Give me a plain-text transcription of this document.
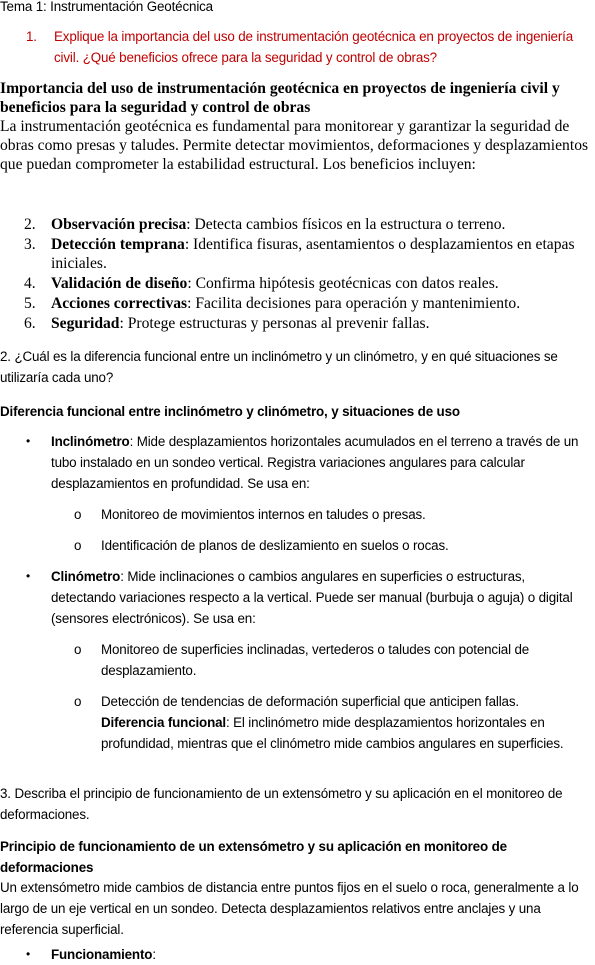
Tema 1: Instrumentación Geotécnica
1.	Explique la importancia del uso de instrumentación geotécnica en proyectos de ingeniería civil. ¿Qué beneficios ofrece para la seguridad y control de obras?
Importancia del uso de instrumentación geotécnica en proyectos de ingeniería civil y beneficios para la seguridad y control de obras
La instrumentación geotécnica es fundamental para monitorear y garantizar la seguridad de obras como presas y taludes. Permite detectar movimientos, deformaciones y desplazamientos que puedan comprometer la estabilidad estructural. Los beneficios incluyen:
2. Observación precisa: Detecta cambios físicos en la estructura o terreno.
3. Detección temprana: Identifica fisuras, asentamientos o desplazamientos en etapas iniciales.
4. Validación de diseño: Confirma hipótesis geotécnicas con datos reales.
5. Acciones correctivas: Facilita decisiones para operación y mantenimiento.
6. Seguridad: Protege estructuras y personas al prevenir fallas.
2. ¿Cuál es la diferencia funcional entre un inclinómetro y un clinómetro, y en qué situaciones se utilizaría cada uno?
Diferencia funcional entre inclinómetro y clinómetro, y situaciones de uso
•	Inclinómetro: Mide desplazamientos horizontales acumulados en el terreno a través de un tubo instalado en un sondeo vertical. Registra variaciones angulares para calcular desplazamientos en profundidad. Se usa en:
o	Monitoreo de movimientos internos en taludes o presas.
o	Identificación de planos de deslizamiento en suelos o rocas.
•	Clinómetro: Mide inclinaciones o cambios angulares en superficies o estructuras, detectando variaciones respecto a la vertical. Puede ser manual (burbuja o aguja) o digital (sensores electrónicos). Se usa en:
o	Monitoreo de superficies inclinadas, vertederos o taludes con potencial de desplazamiento.
o	Detección de tendencias de deformación superficial que anticipen fallas.
Diferencia funcional: El inclinómetro mide desplazamientos horizontales en profundidad, mientras que el clinómetro mide cambios angulares en superficies.
3. Describa el principio de funcionamiento de un extensómetro y su aplicación en el monitoreo de deformaciones.
Principio de funcionamiento de un extensómetro y su aplicación en monitoreo de deformaciones
Un extensómetro mide cambios de distancia entre puntos fijos en el suelo o roca, generalmente a lo largo de un eje vertical en un sondeo. Detecta desplazamientos relativos entre anclajes y una referencia superficial.
•	Funcionamiento:
